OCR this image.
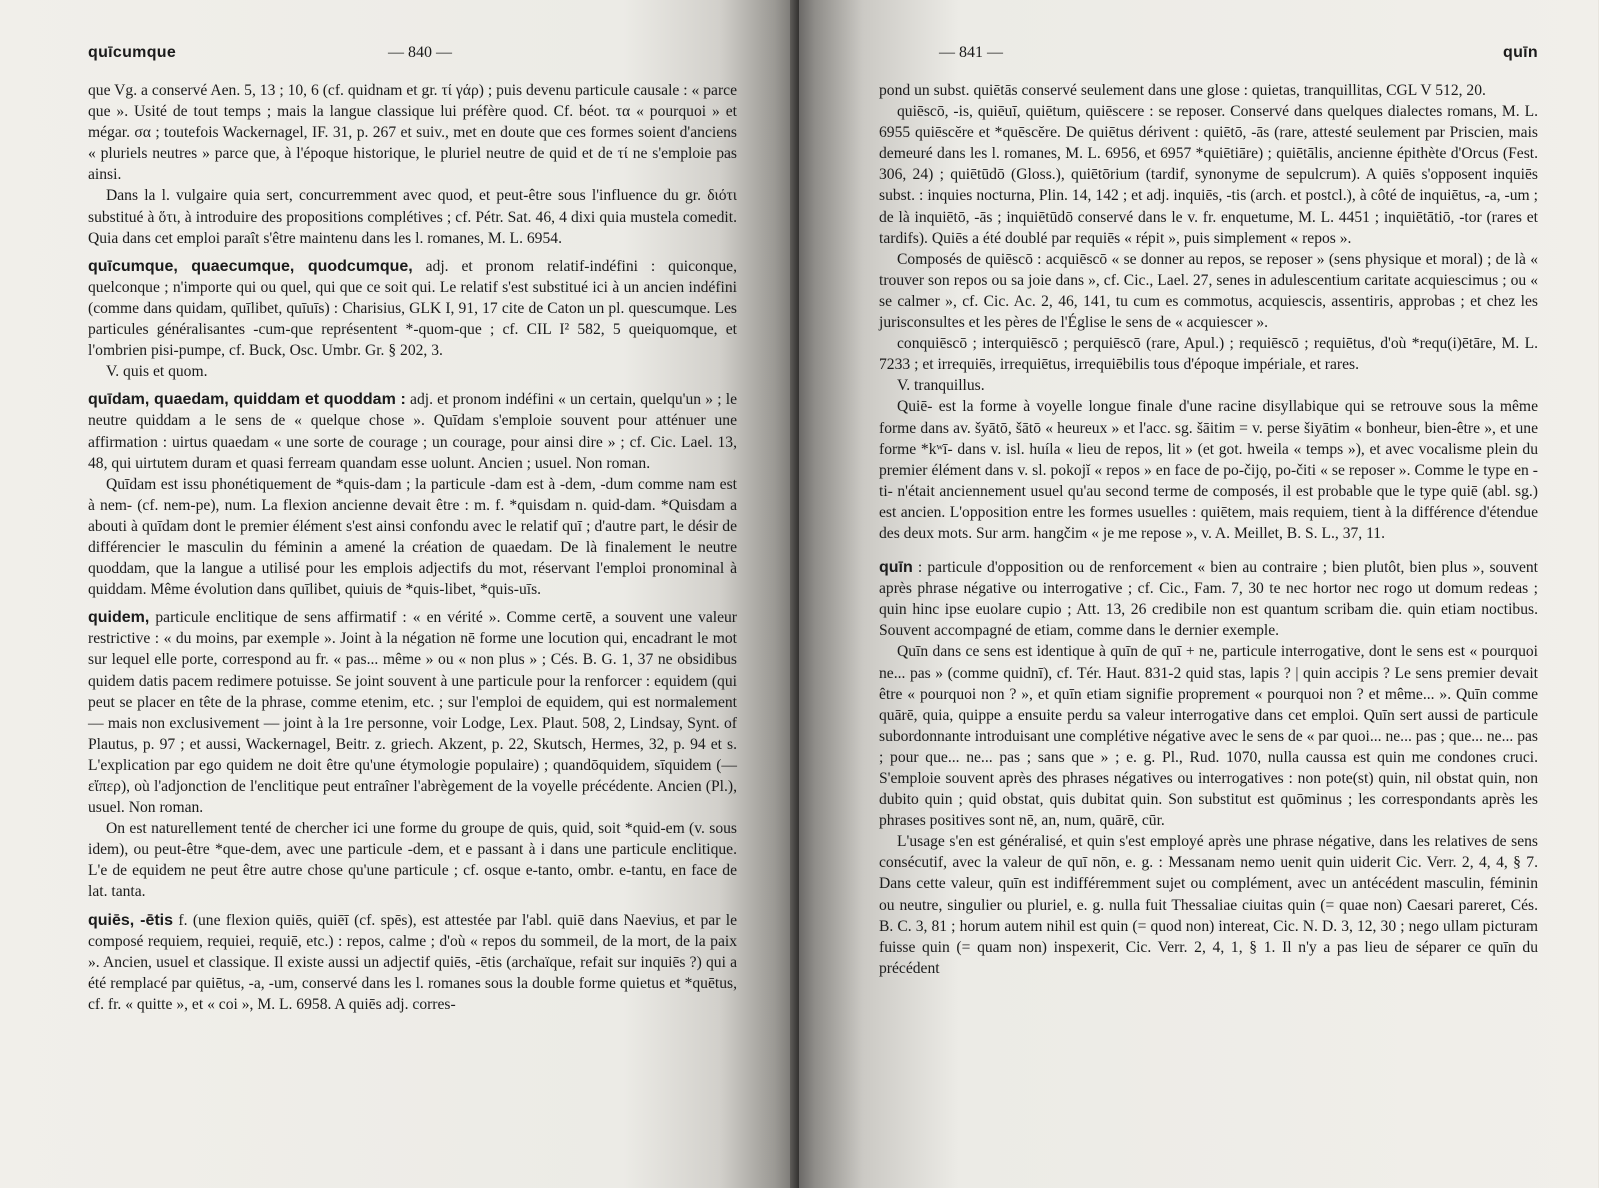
quīcumque	— 840 —

que Vg. a conservé Aen. 5, 13 ; 10, 6 (cf. quidnam et gr. τί γάρ) ; puis devenu particule causale : « parce que ». Usité de tout temps ; mais la langue classique lui préfère quod. Cf. béot. τα « pourquoi » et mégar. σα ; toutefois Wackernagel, IF. 31, p. 267 et suiv., met en doute que ces formes soient d'anciens « pluriels neutres » parce que, à l'époque historique, le pluriel neutre de quid et de τί ne s'emploie pas ainsi.

Dans la l. vulgaire quia sert, concurremment avec quod, et peut-être sous l'influence du gr. διότι substitué à ὅτι, à introduire des propositions complétives ; cf. Pétr. Sat. 46, 4 dixi quia mustela comedit. Quia dans cet emploi paraît s'être maintenu dans les l. romanes, M. L. 6954.

quīcumque, quaecumque, quodcumque, adj. et pronom relatif-indéfini : quiconque, quelconque ; n'importe qui ou quel, qui que ce soit qui. Le relatif s'est substitué ici à un ancien indéfini (comme dans quidam, quīlibet, quīuīs) : Charisius, GLK I, 91, 17 cite de Caton un pl. quescumque. Les particules généralisantes -cum-que représentent *-quom-que ; cf. CIL I² 582, 5 queiquomque, et l'ombrien pisi-pumpe, cf. Buck, Osc. Umbr. Gr. § 202, 3.

V. quis et quom.

quīdam, quaedam, quiddam et quoddam : adj. et pronom indéfini « un certain, quelqu'un » ; le neutre quiddam a le sens de « quelque chose ». Quīdam s'emploie souvent pour atténuer une affirmation : uirtus quaedam « une sorte de courage ; un courage, pour ainsi dire » ; cf. Cic. Lael. 13, 48, qui uirtutem duram et quasi ferream quandam esse uolunt. Ancien ; usuel. Non roman.

Quīdam est issu phonétiquement de *quis-dam ; la particule -dam est à -dem, -dum comme nam est à nem- (cf. nem-pe), num. La flexion ancienne devait être : m. f. *quisdam n. quid-dam. *Quisdam a abouti à quīdam dont le premier élément s'est ainsi confondu avec le relatif quī ; d'autre part, le désir de différencier le masculin du féminin a amené la création de quaedam. De là finalement le neutre quoddam, que la langue a utilisé pour les emplois adjectifs du mot, réservant l'emploi pronominal à quiddam. Même évolution dans quīlibet, quiuis de *quis-libet, *quis-uīs.

quidem, particule enclitique de sens affirmatif : « en vérité ». Comme certē, a souvent une valeur restrictive : « du moins, par exemple ». Joint à la négation nē forme une locution qui, encadrant le mot sur lequel elle porte, correspond au fr. « pas... même » ou « non plus » ; Cés. B. G. 1, 37 ne obsidibus quidem datis pacem redimere potuisse. Se joint souvent à une particule pour la renforcer : equidem (qui peut se placer en tête de la phrase, comme etenim, etc. ; sur l'emploi de equidem, qui est normalement — mais non exclusivement — joint à la 1re personne, voir Lodge, Lex. Plaut. 508, 2, Lindsay, Synt. of Plautus, p. 97 ; et aussi, Wackernagel, Beitr. z. griech. Akzent, p. 22, Skutsch, Hermes, 32, p. 94 et s. L'explication par ego quidem ne doit être qu'une étymologie populaire) ; quandōquidem, sīquidem (— εἴπερ), où l'adjonction de l'enclitique peut entraîner l'abrègement de la voyelle précédente. Ancien (Pl.), usuel. Non roman.

On est naturellement tenté de chercher ici une forme du groupe de quis, quid, soit *quid-em (v. sous idem), ou peut-être *que-dem, avec une particule -dem, et e passant à i dans une particule enclitique. L'e de equidem ne peut être autre chose qu'une particule ; cf. osque e-tanto, ombr. e-tantu, en face de lat. tanta.

quiēs, -ētis f. (une flexion quiēs, quiēī (cf. spēs), est attestée par l'abl. quiē dans Naevius, et par le composé requiem, requiei, requiē, etc.) : repos, calme ; d'où « repos du sommeil, de la mort, de la paix ». Ancien, usuel et classique. Il existe aussi un adjectif quiēs, -ētis (archaïque, refait sur inquiēs ?) qui a été remplacé par quiētus, -a, -um, conservé dans les l. romanes sous la double forme quietus et *quētus, cf. fr. « quitte », et « coi », M. L. 6958. A quiēs adj. corres-

— 841 —	quīn

pond un subst. quiētās conservé seulement dans une glose : quietas, tranquillitas, CGL V 512, 20.

quiēscō, -is, quiēuī, quiētum, quiēscere : se reposer. Conservé dans quelques dialectes romans, M. L. 6955 quiēscĕre et *quēscĕre. De quiētus dérivent : quiētō, -ās (rare, attesté seulement par Priscien, mais demeuré dans les l. romanes, M. L. 6956, et 6957 *quiētiāre) ; quiētālis, ancienne épithète d'Orcus (Fest. 306, 24) ; quiētūdō (Gloss.), quiētōrium (tardif, synonyme de sepulcrum). A quiēs s'opposent inquiēs subst. : inquies nocturna, Plin. 14, 142 ; et adj. inquiēs, -tis (arch. et postcl.), à côté de inquiētus, -a, -um ; de là inquiētō, -ās ; inquiētūdō conservé dans le v. fr. enquetume, M. L. 4451 ; inquiētātiō, -tor (rares et tardifs). Quiēs a été doublé par requiēs « répit », puis simplement « repos ».

Composés de quiēscō : acquiēscō « se donner au repos, se reposer » (sens physique et moral) ; de là « trouver son repos ou sa joie dans », cf. Cic., Lael. 27, senes in adulescentium caritate acquiescimus ; ou « se calmer », cf. Cic. Ac. 2, 46, 141, tu cum es commotus, acquiescis, assentiris, approbas ; et chez les jurisconsultes et les pères de l'Église le sens de « acquiescer ».

conquiēscō ; interquiēscō ; perquiēscō (rare, Apul.) ; requiēscō ; requiētus, d'où *requ(i)ētāre, M. L. 7233 ; et irrequiēs, irrequiētus, irrequiēbilis tous d'époque impériale, et rares.

V. tranquillus.

Quiē- est la forme à voyelle longue finale d'une racine disyllabique qui se retrouve sous la même forme dans av. šyātō, šātō « heureux » et l'acc. sg. šāitim = v. perse šiyātim « bonheur, bien-être », et une forme *kʷī- dans v. isl. huíla « lieu de repos, lit » (et got. hweila « temps »), et avec vocalisme plein du premier élément dans v. sl. pokojĭ « repos » en face de po-čijǫ, po-čiti « se reposer ». Comme le type en -ti- n'était anciennement usuel qu'au second terme de composés, il est probable que le type quiē (abl. sg.) est ancien. L'opposition entre les formes usuelles : quiētem, mais requiem, tient à la différence d'étendue des deux mots. Sur arm. hangčim « je me repose », v. A. Meillet, B. S. L., 37, 11.

quīn : particule d'opposition ou de renforcement « bien au contraire ; bien plutôt, bien plus », souvent après phrase négative ou interrogative ; cf. Cic., Fam. 7, 30 te nec hortor nec rogo ut domum redeas ; quin hinc ipse euolare cupio ; Att. 13, 26 credibile non est quantum scribam die. quin etiam noctibus. Souvent accompagné de etiam, comme dans le dernier exemple.

Quīn dans ce sens est identique à quīn de quī + ne, particule interrogative, dont le sens est « pourquoi ne... pas » (comme quidnī), cf. Tér. Haut. 831-2 quid stas, lapis ? | quin accipis ? Le sens premier devait être « pourquoi non ? », et quīn etiam signifie proprement « pourquoi non ? et même... ». Quīn comme quārē, quia, quippe a ensuite perdu sa valeur interrogative dans cet emploi. Quīn sert aussi de particule subordonnante introduisant une complétive négative avec le sens de « par quoi... ne... pas ; que... ne... pas ; pour que... ne... pas ; sans que » ; e. g. Pl., Rud. 1070, nulla caussa est quin me condones cruci. S'emploie souvent après des phrases négatives ou interrogatives : non pote(st) quin, nil obstat quin, non dubito quin ; quid obstat, quis dubitat quin. Son substitut est quōminus ; les correspondants après les phrases positives sont nē, an, num, quārē, cūr.

L'usage s'en est généralisé, et quin s'est employé après une phrase négative, dans les relatives de sens consécutif, avec la valeur de quī nōn, e. g. : Messanam nemo uenit quin uiderit Cic. Verr. 2, 4, 4, § 7. Dans cette valeur, quīn est indifféremment sujet ou complément, avec un antécédent masculin, féminin ou neutre, singulier ou pluriel, e. g. nulla fuit Thessaliae ciuitas quin (= quae non) Caesari pareret, Cés. B. C. 3, 81 ; horum autem nihil est quin (= quod non) intereat, Cic. N. D. 3, 12, 30 ; nego ullam picturam fuisse quin (= quam non) inspexerit, Cic. Verr. 2, 4, 1, § 1. Il n'y a pas lieu de séparer ce quīn du précédent
